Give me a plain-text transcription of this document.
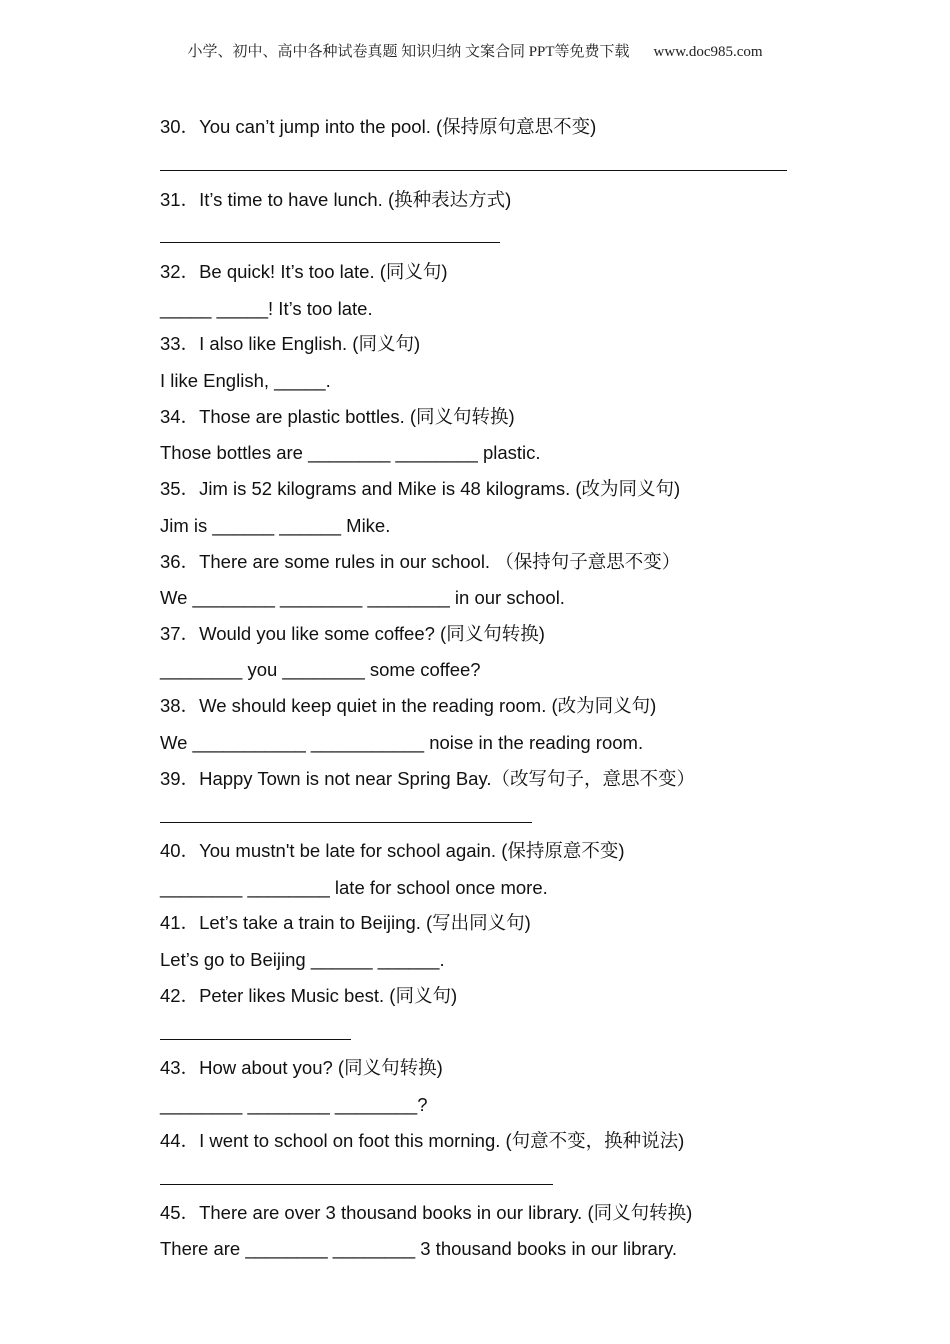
小学、初中、高中各种试卷真题 知识归纳 文案合同 PPT等免费下载 www.doc985.com
30．You can’t jump into the pool. (保持原句意思不变)
31．It’s time to have lunch. (换种表达方式)
32．Be quick! It’s too late. (同义句)
_____ _____! It’s too late.
33．I also like English. (同义句)
I like English, _____.
34．Those are plastic bottles. (同义句转换)
Those bottles are ________ ________ plastic.
35．Jim is 52 kilograms and Mike is 48 kilograms. (改为同义句)
Jim is ______ ______ Mike.
36．There are some rules in our school. （保持句子意思不变）
We ________ ________ ________ in our school.
37．Would you like some coffee? (同义句转换)
________ you ________ some coffee?
38．We should keep quiet in the reading room. (改为同义句)
We ___________ ___________ noise in the reading room.
39．Happy Town is not near Spring Bay.（改写句子，意思不变）
40．You mustn't be late for school again. (保持原意不变)
________ ________ late for school once more.
41．Let’s take a train to Beijing. (写出同义句)
Let’s go to Beijing ______ ______.
42．Peter likes Music best. (同义句)
43．How about you? (同义句转换)
________ ________ ________?
44．I went to school on foot this morning. (句意不变，换种说法)
45．There are over 3 thousand books in our library. (同义句转换)
There are ________ ________ 3 thousand books in our library.
